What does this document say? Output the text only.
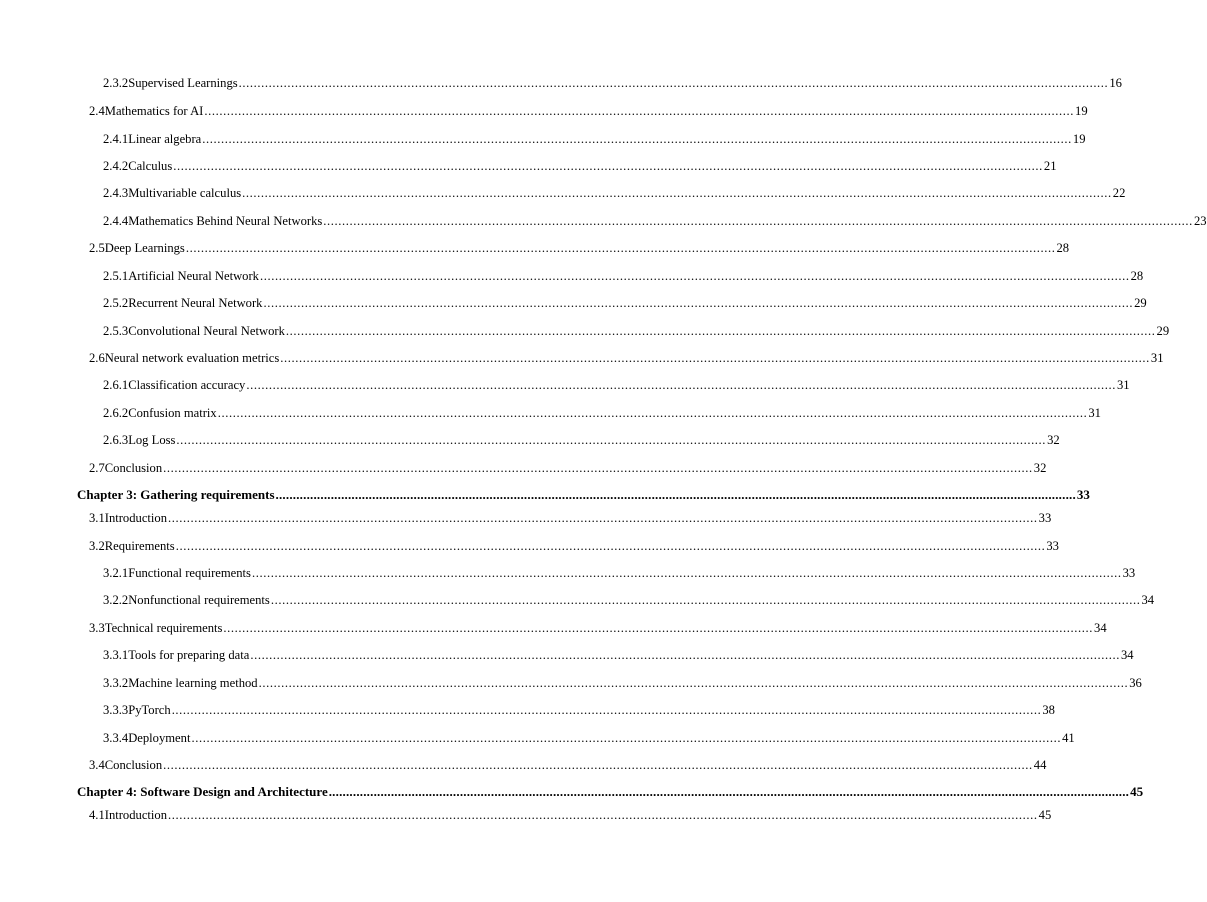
2.3.2 Supervised Learnings ........................................................................................................................................................................................................................................ 16
2.4 Mathematics for AI ........................................................................................................................................................................................................................................ 19
2.4.1 Linear algebra ........................................................................................................................................................................................................................................ 19
2.4.2 Calculus ........................................................................................................................................................................................................................................ 21
2.4.3 Multivariable calculus ........................................................................................................................................................................................................................................ 22
2.4.4 Mathematics Behind Neural Networks ........................................................................................................................................................................................................................................ 23
2.5 Deep Learnings ........................................................................................................................................................................................................................................ 28
2.5.1 Artificial Neural Network ........................................................................................................................................................................................................................................ 28
2.5.2 Recurrent Neural Network ........................................................................................................................................................................................................................................ 29
2.5.3 Convolutional Neural Network ........................................................................................................................................................................................................................................ 29
2.6 Neural network evaluation metrics ........................................................................................................................................................................................................................................ 31
2.6.1 Classification accuracy ........................................................................................................................................................................................................................................ 31
2.6.2 Confusion matrix ........................................................................................................................................................................................................................................ 31
2.6.3 Log Loss ........................................................................................................................................................................................................................................ 32
2.7 Conclusion ........................................................................................................................................................................................................................................ 32
Chapter 3: Gathering requirements ........................................................................................................................................................................................................................................ 33
3.1 Introduction ........................................................................................................................................................................................................................................ 33
3.2 Requirements ........................................................................................................................................................................................................................................ 33
3.2.1 Functional requirements ........................................................................................................................................................................................................................................ 33
3.2.2 Nonfunctional requirements ........................................................................................................................................................................................................................................ 34
3.3 Technical requirements ........................................................................................................................................................................................................................................ 34
3.3.1 Tools for preparing data ........................................................................................................................................................................................................................................ 34
3.3.2 Machine learning method ........................................................................................................................................................................................................................................ 36
3.3.3 PyTorch ........................................................................................................................................................................................................................................ 38
3.3.4 Deployment ........................................................................................................................................................................................................................................ 41
3.4 Conclusion ........................................................................................................................................................................................................................................ 44
Chapter 4: Software Design and Architecture ........................................................................................................................................................................................................................................ 45
4.1 Introduction ........................................................................................................................................................................................................................................ 45
